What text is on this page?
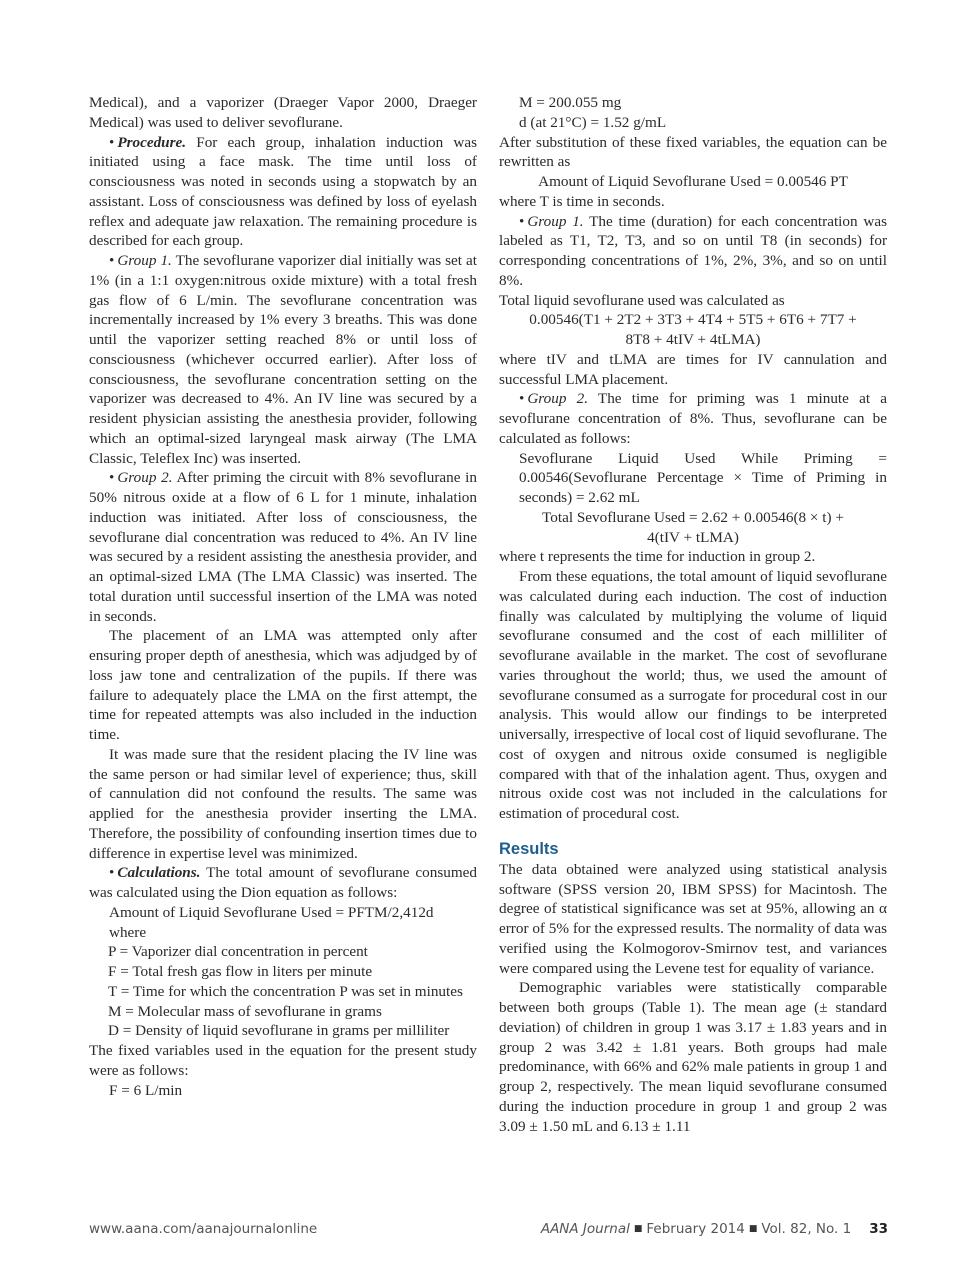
Medical), and a vaporizer (Draeger Vapor 2000, Draeger Medical) was used to deliver sevoflurane.

• Procedure. For each group, inhalation induction was initiated using a face mask. The time until loss of consciousness was noted in seconds using a stopwatch by an assistant. Loss of consciousness was defined by loss of eyelash reflex and adequate jaw relaxation. The remaining procedure is described for each group.

• Group 1. The sevoflurane vaporizer dial initially was set at 1% (in a 1:1 oxygen:nitrous oxide mixture) with a total fresh gas flow of 6 L/min. The sevoflurane concentration was incrementally increased by 1% every 3 breaths. This was done until the vaporizer setting reached 8% or until loss of consciousness (whichever occurred earlier). After loss of consciousness, the sevoflurane concentration setting on the vaporizer was decreased to 4%. An IV line was secured by a resident physician assisting the anesthesia provider, following which an optimal-sized laryngeal mask airway (The LMA Classic, Teleflex Inc) was inserted.

• Group 2. After priming the circuit with 8% sevoflurane in 50% nitrous oxide at a flow of 6 L for 1 minute, inhalation induction was initiated. After loss of consciousness, the sevoflurane dial concentration was reduced to 4%. An IV line was secured by a resident assisting the anesthesia provider, and an optimal-sized LMA (The LMA Classic) was inserted. The total duration until successful insertion of the LMA was noted in seconds.

The placement of an LMA was attempted only after ensuring proper depth of anesthesia, which was adjudged by of loss jaw tone and centralization of the pupils. If there was failure to adequately place the LMA on the first attempt, the time for repeated attempts was also included in the induction time.

It was made sure that the resident placing the IV line was the same person or had similar level of experience; thus, skill of cannulation did not confound the results. The same was applied for the anesthesia provider inserting the LMA. Therefore, the possibility of confounding insertion times due to difference in expertise level was minimized.

• Calculations. The total amount of sevoflurane consumed was calculated using the Dion equation as follows:

Amount of Liquid Sevoflurane Used = PFTM/2,412d

where

P = Vaporizer dial concentration in percent

F = Total fresh gas flow in liters per minute

T = Time for which the concentration P was set in minutes

M = Molecular mass of sevoflurane in grams

D = Density of liquid sevoflurane in grams per milliliter

The fixed variables used in the equation for the present study were as follows:

F = 6 L/min

M = 200.055 mg

d (at 21°C) = 1.52 g/mL

After substitution of these fixed variables, the equation can be rewritten as

Amount of Liquid Sevoflurane Used = 0.00546 PT

where T is time in seconds.

• Group 1. The time (duration) for each concentration was labeled as T1, T2, T3, and so on until T8 (in seconds) for corresponding concentrations of 1%, 2%, 3%, and so on until 8%.

Total liquid sevoflurane used was calculated as

0.00546(T1 + 2T2 + 3T3 + 4T4 + 5T5 + 6T6 + 7T7 +

8T8 + 4tIV + 4tLMA)

where tIV and tLMA are times for IV cannulation and successful LMA placement.

• Group 2. The time for priming was 1 minute at a sevoflurane concentration of 8%. Thus, sevoflurane can be calculated as follows:

Sevoflurane Liquid Used While Priming = 0.00546(Sevoflurane Percentage × Time of Priming in seconds) = 2.62 mL

Total Sevoflurane Used = 2.62 + 0.00546(8 × t) +

4(tIV + tLMA)

where t represents the time for induction in group 2.

From these equations, the total amount of liquid sevoflurane was calculated during each induction. The cost of induction finally was calculated by multiplying the volume of liquid sevoflurane consumed and the cost of each milliliter of sevoflurane available in the market. The cost of sevoflurane varies throughout the world; thus, we used the amount of sevoflurane consumed as a surrogate for procedural cost in our analysis. This would allow our findings to be interpreted universally, irrespective of local cost of liquid sevoflurane. The cost of oxygen and nitrous oxide consumed is negligible compared with that of the inhalation agent. Thus, oxygen and nitrous oxide cost was not included in the calculations for estimation of procedural cost.

Results

The data obtained were analyzed using statistical analysis software (SPSS version 20, IBM SPSS) for Macintosh. The degree of statistical significance was set at 95%, allowing an α error of 5% for the expressed results. The normality of data was verified using the Kolmogorov-Smirnov test, and variances were compared using the Levene test for equality of variance.

Demographic variables were statistically comparable between both groups (Table 1). The mean age (± standard deviation) of children in group 1 was 3.17 ± 1.83 years and in group 2 was 3.42 ± 1.81 years. Both groups had male predominance, with 66% and 62% male patients in group 1 and group 2, respectively. The mean liquid sevoflurane consumed during the induction procedure in group 1 and group 2 was 3.09 ± 1.50 mL and 6.13 ± 1.11

www.aana.com/aanajournalonline	AANA Journal ■ February 2014 ■ Vol. 82, No. 1 33
